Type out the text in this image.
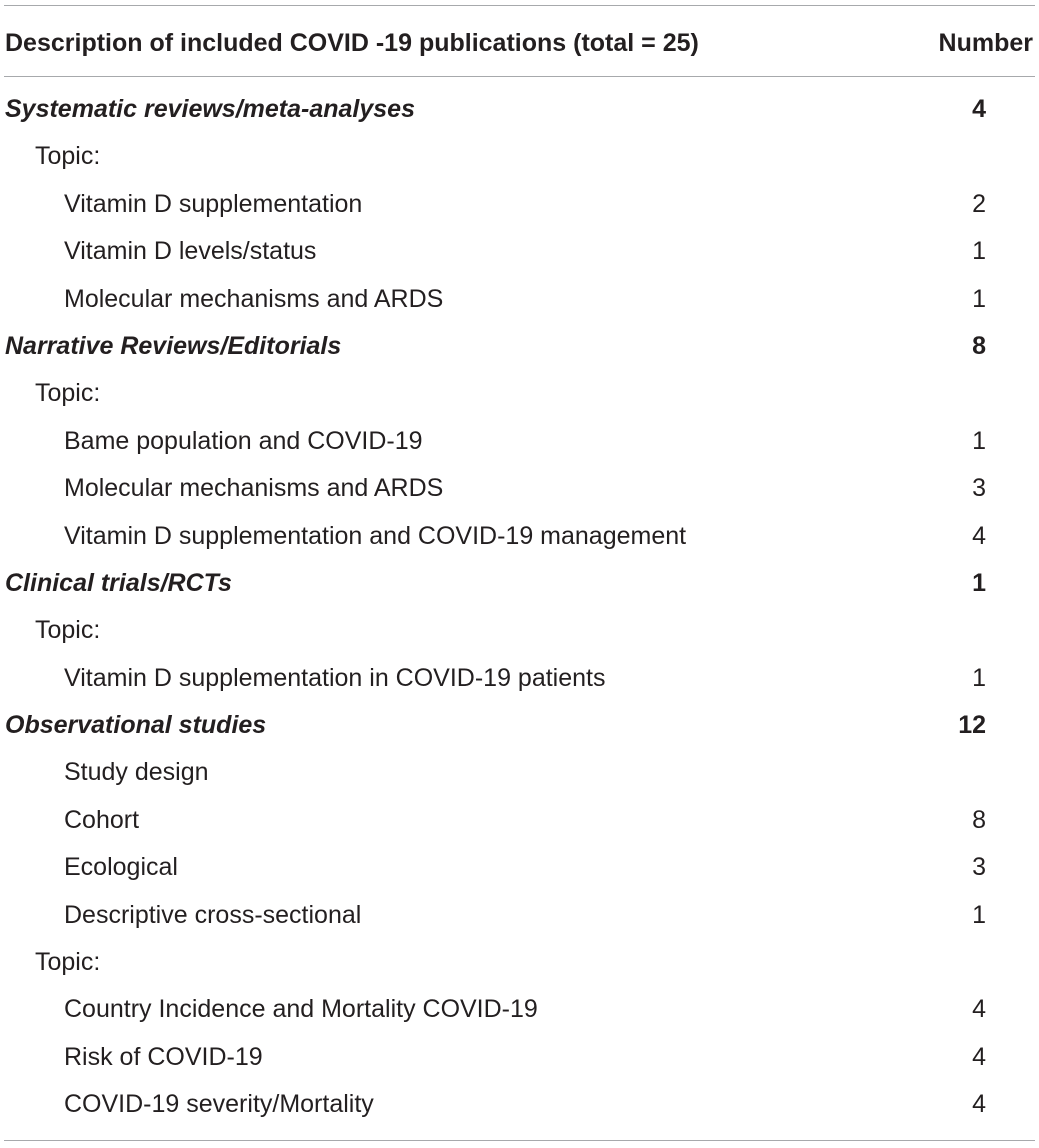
Description of included COVID -19 publications (total = 25)	Number
Systematic reviews/meta-analyses	4
Topic:
Vitamin D supplementation	2
Vitamin D levels/status	1
Molecular mechanisms and ARDS	1
Narrative Reviews/Editorials	8
Topic:
Bame population and COVID-19	1
Molecular mechanisms and ARDS	3
Vitamin D supplementation and COVID-19 management	4
Clinical trials/RCTs	1
Topic:
Vitamin D supplementation in COVID-19 patients	1
Observational studies	12
Study design
Cohort	8
Ecological	3
Descriptive cross-sectional	1
Topic:
Country Incidence and Mortality COVID-19	4
Risk of COVID-19	4
COVID-19 severity/Mortality	4
